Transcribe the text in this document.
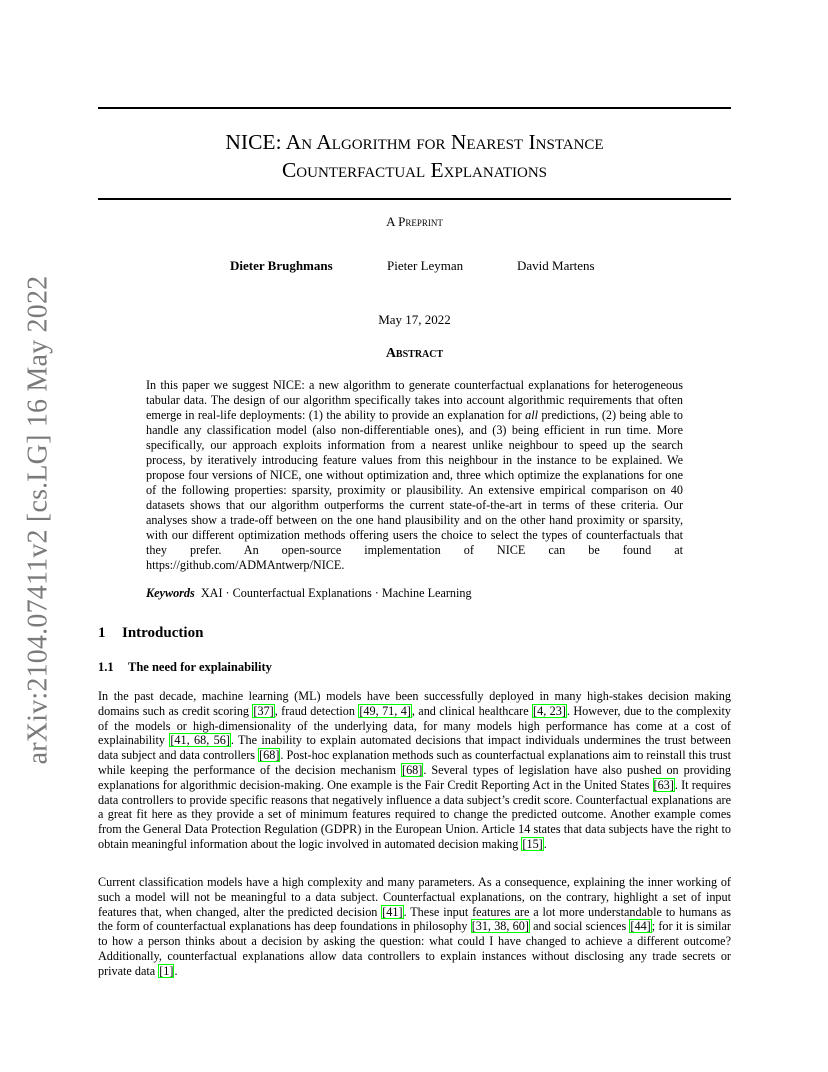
arXiv:2104.07411v2 [cs.LG] 16 May 2022
NICE: An Algorithm for Nearest Instance
Counterfactual Explanations
A Preprint
Dieter Brughmans	Pieter Leyman	David Martens
May 17, 2022
Abstract

In this paper we suggest NICE: a new algorithm to generate counterfactual explanations for heterogeneous tabular data. The design of our algorithm specifically takes into account algorithmic requirements that often emerge in real-life deployments: (1) the ability to provide an explanation for all predictions, (2) being able to handle any classification model (also non-differentiable ones), and (3) being efficient in run time. More specifically, our approach exploits information from a nearest unlike neighbour to speed up the search process, by iteratively introducing feature values from this neighbour in the instance to be explained. We propose four versions of NICE, one without optimization and, three which optimize the explanations for one of the following properties: sparsity, proximity or plausibility. An extensive empirical comparison on 40 datasets shows that our algorithm outperforms the current state-of-the-art in terms of these criteria. Our analyses show a trade-off between on the one hand plausibility and on the other hand proximity or sparsity, with our different optimization methods offering users the choice to select the types of counterfactuals that they prefer. An open-source implementation of NICE can be found at https://github.com/ADMAntwerp/NICE.

Keywords XAI · Counterfactual Explanations · Machine Learning
1 Introduction
1.1 The need for explainability

In the past decade, machine learning (ML) models have been successfully deployed in many high-stakes decision making domains such as credit scoring [37], fraud detection [49, 71, 4], and clinical healthcare [4, 23]. However, due to the complexity of the models or high-dimensionality of the underlying data, for many models high performance has come at a cost of explainability [41, 68, 56]. The inability to explain automated decisions that impact individuals undermines the trust between data subject and data controllers [68]. Post-hoc explanation methods such as counterfactual explanations aim to reinstall this trust while keeping the performance of the decision mechanism [68]. Several types of legislation have also pushed on providing explanations for algorithmic decision-making. One example is the Fair Credit Reporting Act in the United States [63]. It requires data controllers to provide specific reasons that negatively influence a data subject’s credit score. Counterfactual explanations are a great fit here as they provide a set of minimum features required to change the predicted outcome. Another example comes from the General Data Protection Regulation (GDPR) in the European Union. Article 14 states that data subjects have the right to obtain meaningful information about the logic involved in automated decision making [15].

Current classification models have a high complexity and many parameters. As a consequence, explaining the inner working of such a model will not be meaningful to a data subject. Counterfactual explanations, on the contrary, highlight a set of input features that, when changed, alter the predicted decision [41]. These input features are a lot more understandable to humans as the form of counterfactual explanations has deep foundations in philosophy [31, 38, 60] and social sciences [44]; for it is similar to how a person thinks about a decision by asking the question: what could I have changed to achieve a different outcome? Additionally, counterfactual explanations allow data controllers to explain instances without disclosing any trade secrets or private data [1].
